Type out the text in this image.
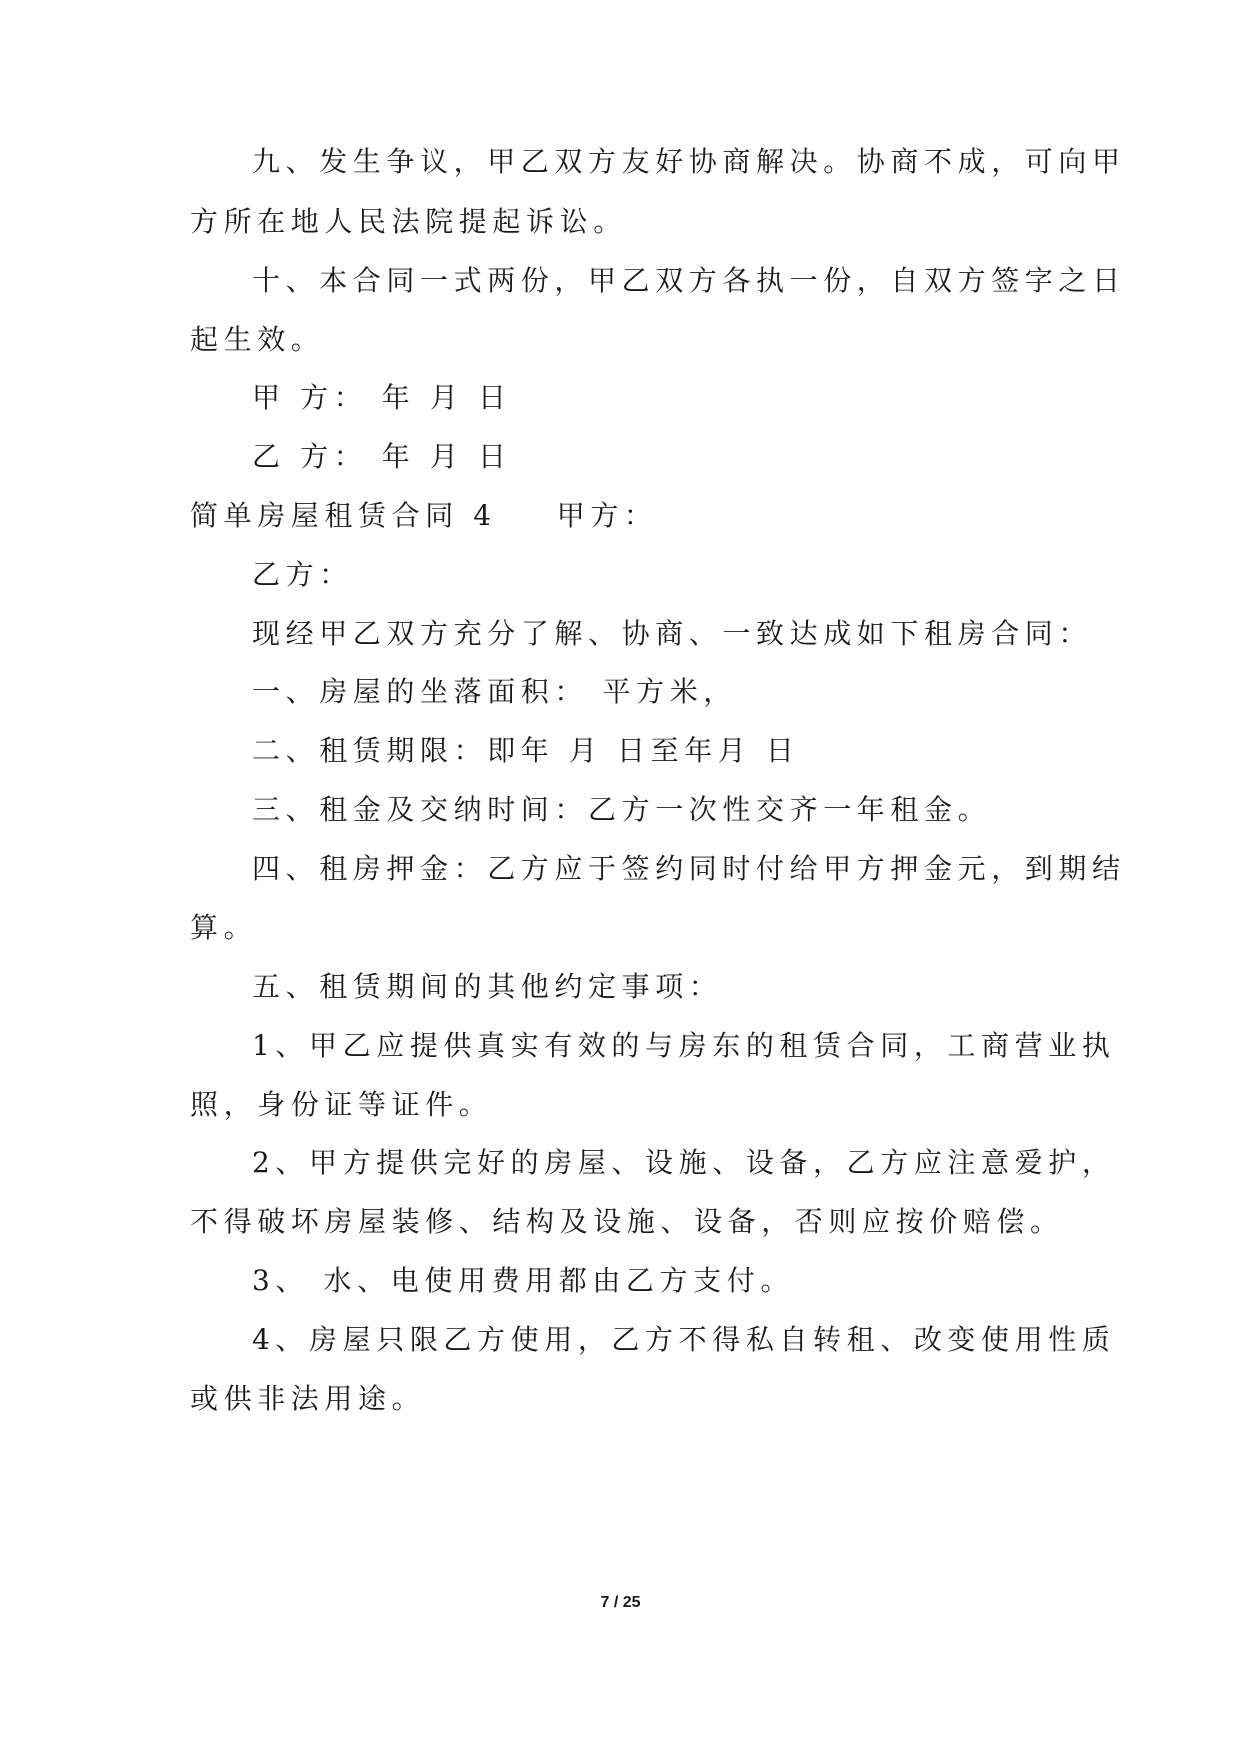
九、发生争议，甲乙双方友好协商解决。协商不成，可向甲

方所在地人民法院提起诉讼。

十、本合同一式两份，甲乙双方各执一份，自双方签字之日

起生效。

甲 方： 年 月 日

乙 方： 年 月 日

简单房屋租赁合同 4 甲方：

乙方：

现经甲乙双方充分了解、协商、一致达成如下租房合同：

一、房屋的坐落面积： 平方米，

二、租赁期限：即年 月 日至年月 日

三、租金及交纳时间：乙方一次性交齐一年租金。

四、租房押金：乙方应于签约同时付给甲方押金元，到期结

算。

五、租赁期间的其他约定事项：

1、甲乙应提供真实有效的与房东的租赁合同，工商营业执

照，身份证等证件。

2、甲方提供完好的房屋、设施、设备，乙方应注意爱护，

不得破坏房屋装修、结构及设施、设备，否则应按价赔偿。

3、 水、电使用费用都由乙方支付。

4、房屋只限乙方使用，乙方不得私自转租、改变使用性质

或供非法用途。

7 / 25
